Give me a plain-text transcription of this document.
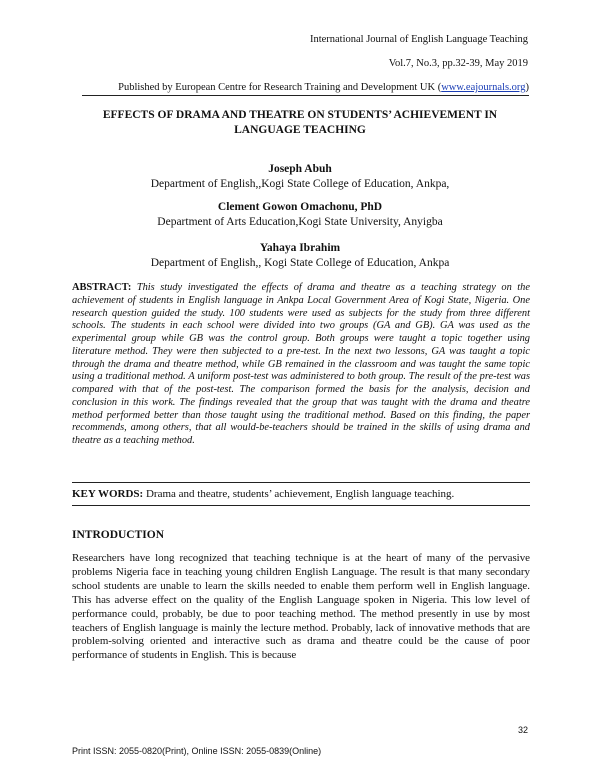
International Journal of English Language Teaching
Vol.7, No.3, pp.32-39, May 2019
Published by European Centre for Research Training and Development UK (www.eajournals.org)
EFFECTS OF DRAMA AND THEATRE ON STUDENTS’ ACHIEVEMENT IN LANGUAGE TEACHING
Joseph Abuh
Department of English,,Kogi State College of Education, Ankpa,
Clement Gowon Omachonu, PhD
Department of Arts Education,Kogi State University, Anyigba
Yahaya Ibrahim
Department of English,, Kogi State College of Education, Ankpa
ABSTRACT: This study investigated the effects of drama and theatre as a teaching strategy on the achievement of students in English language in Ankpa Local Government Area of Kogi State, Nigeria. One research question guided the study. 100 students were used as subjects for the study from three different schools. The students in each school were divided into two groups (GA and GB). GA was used as the experimental group while GB was the control group. Both groups were taught a topic together using literature method. They were then subjected to a pre-test. In the next two lessons, GA was taught a topic through the drama and theatre method, while GB remained in the classroom and was taught the same topic using a traditional method. A uniform post-test was administered to both group. The result of the pre-test was compared with that of the post-test. The comparison formed the basis for the analysis, decision and conclusion in this work. The findings revealed that the group that was taught with the drama and theatre method performed better than those taught using the traditional method. Based on this finding, the paper recommends, among others, that all would-be-teachers should be trained in the skills of using drama and theatre as a teaching method.
KEY WORDS: Drama and theatre, students’ achievement, English language teaching.
INTRODUCTION
Researchers have long recognized that teaching technique is at the heart of many of the pervasive problems Nigeria face in teaching young children English Language. The result is that many secondary school students are unable to learn the skills needed to enable them perform well in English language. This has adverse effect on the quality of the English Language spoken in Nigeria. This low level of performance could, probably, be due to poor teaching method. The method presently in use by most teachers of English language is mainly the lecture method. Probably, lack of innovative methods that are problem-solving oriented and interactive such as drama and theatre could be the cause of poor performance of students in English. This is because
32
Print ISSN: 2055-0820(Print), Online ISSN: 2055-0839(Online)
